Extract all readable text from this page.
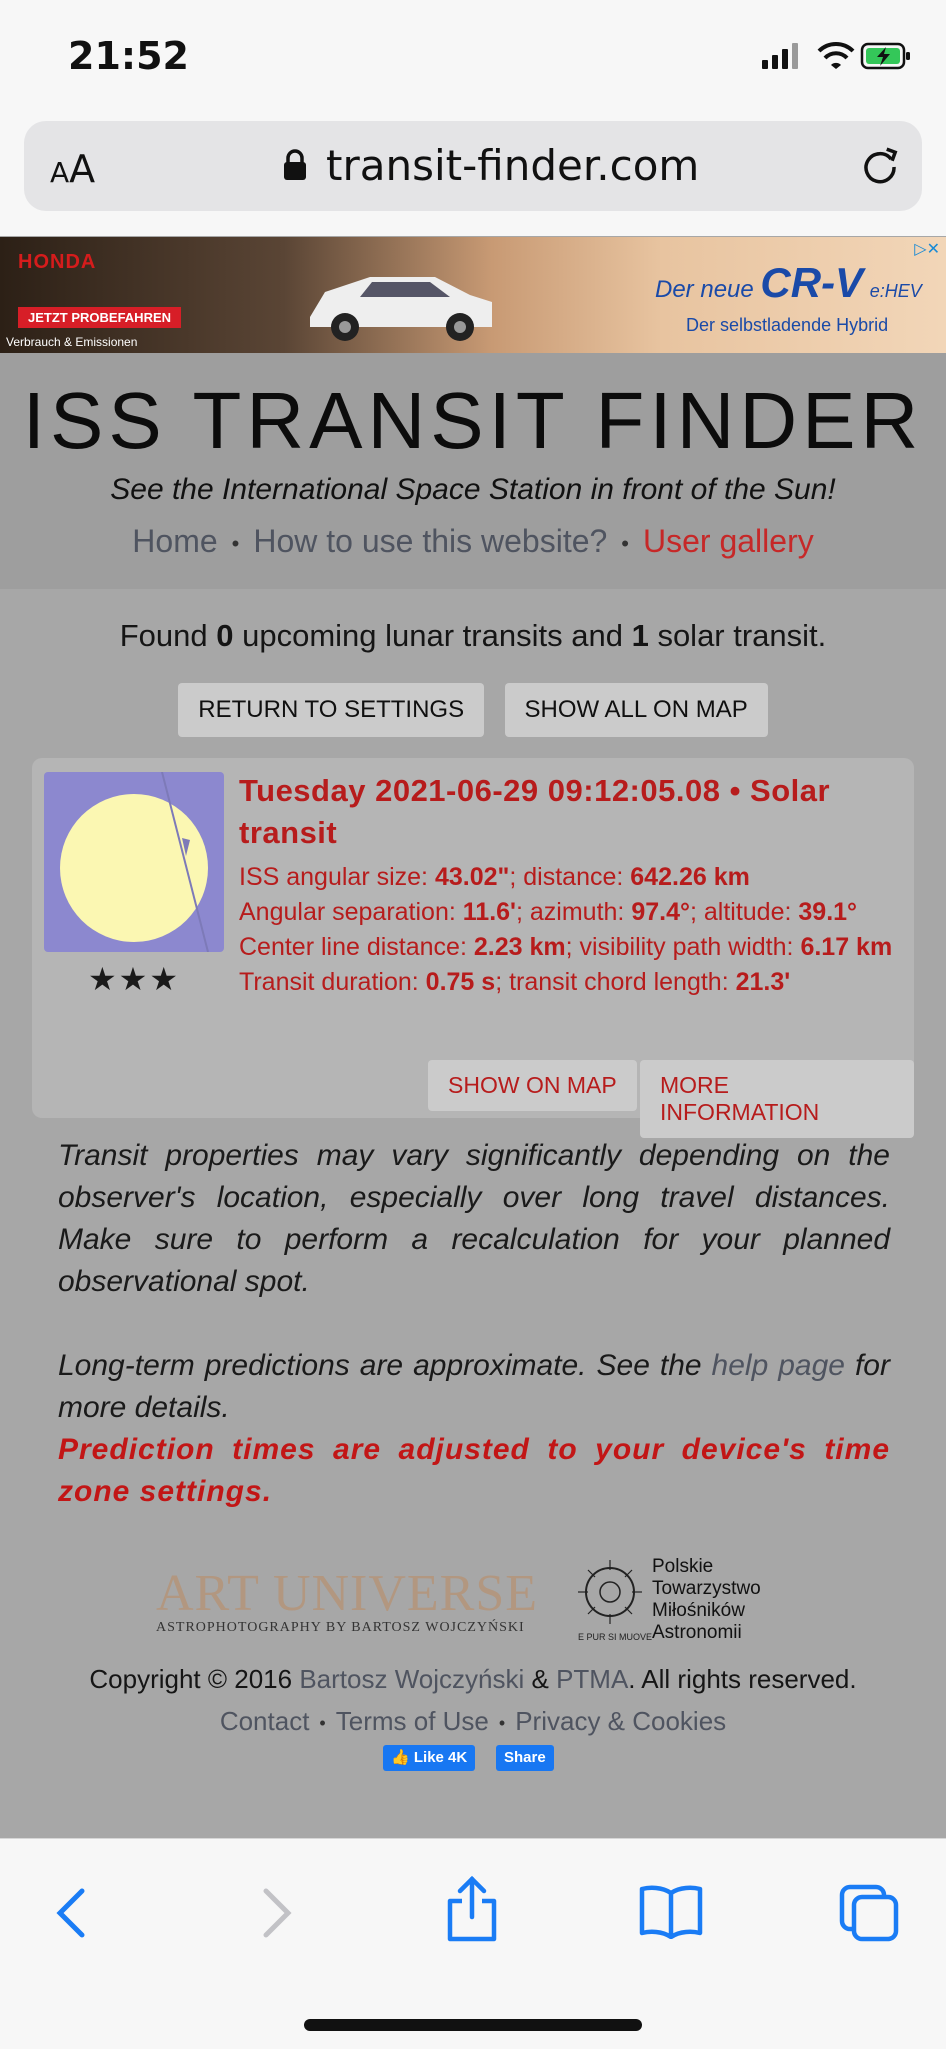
21:52
AA	transit-finder.com
HONDA
JETZT PROBEFAHREN
Verbrauch & Emissionen
Der neue CR-V e:HEV
Der selbstladende Hybrid
▷✕
ISS TRANSIT FINDER
See the International Space Station in front of the Sun!
Home • How to use this website? • User gallery
Found 0 upcoming lunar transits and 1 solar transit.
RETURN TO SETTINGS	SHOW ALL ON MAP
★★★
Tuesday 2021-06-29 09:12:05.08 • Solar transit
ISS angular size: 43.02"; distance: 642.26 km
Angular separation: 11.6'; azimuth: 97.4°; altitude: 39.1°
Center line distance: 2.23 km; visibility path width: 6.17 km
Transit duration: 0.75 s; transit chord length: 21.3'
SHOW ON MAP	MORE INFORMATION
Transit properties may vary significantly depending on the observer's location, especially over long travel distances. Make sure to perform a recalculation for your planned observational spot.
Long-term predictions are approximate. See the help page for more details.
Prediction times are adjusted to your device's time zone settings.
ART UNIVERSE
ASTROPHOTOGRAPHY BY BARTOSZ WOJCZYŃSKI
E PUR SI MUOVE
Polskie
Towarzystwo
Miłośników
Astronomii
Copyright © 2016 Bartosz Wojczyński & PTMA. All rights reserved.
Contact • Terms of Use • Privacy & Cookies
👍 Like 4K	Share
